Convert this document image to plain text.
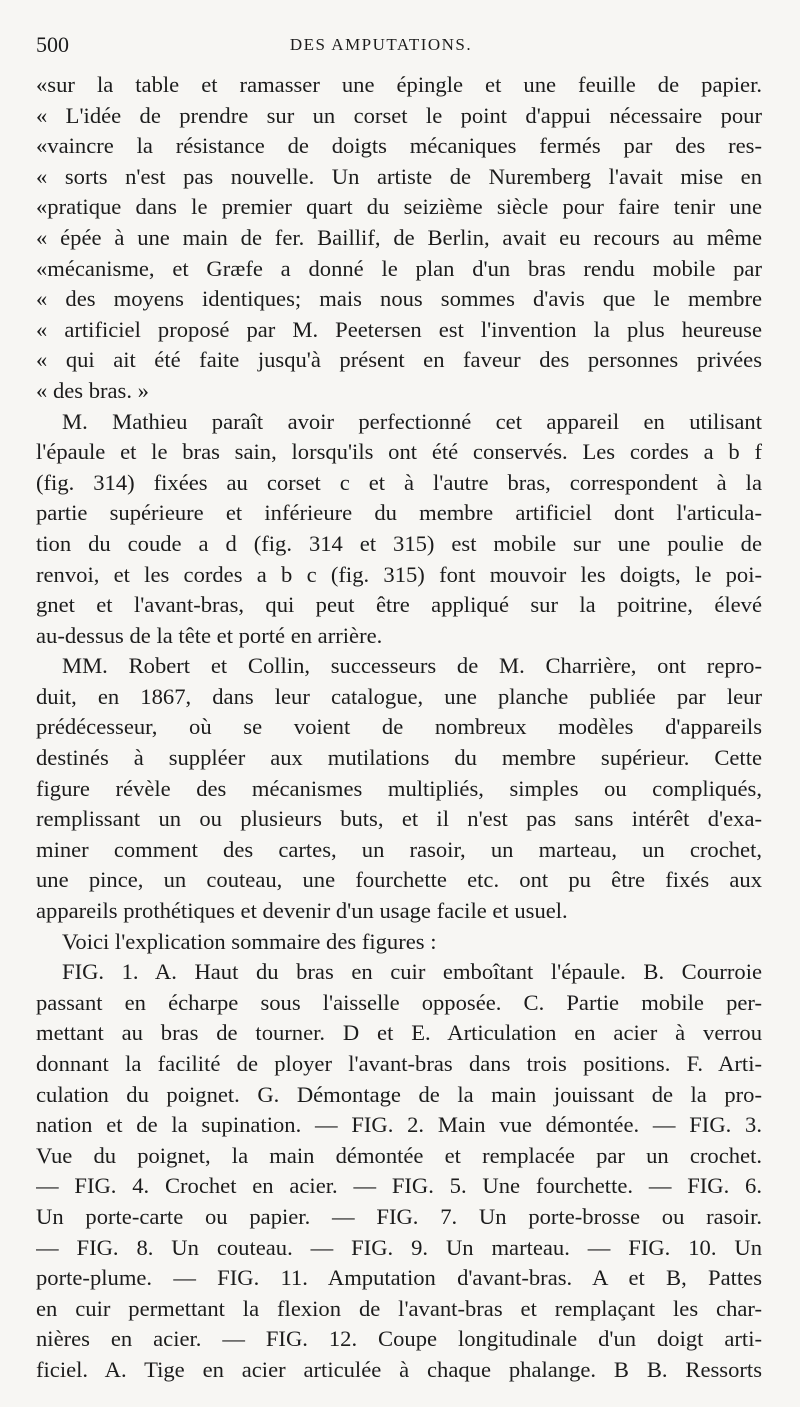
500	DES AMPUTATIONS.
«sur la table et ramasser une épingle et une feuille de papier.
« L'idée de prendre sur un corset le point d'appui nécessaire pour
«vaincre la résistance de doigts mécaniques fermés par des res-
« sorts n'est pas nouvelle. Un artiste de Nuremberg l'avait mise en
«pratique dans le premier quart du seizième siècle pour faire tenir une
« épée à une main de fer. Baillif, de Berlin, avait eu recours au même
«mécanisme, et Græfe a donné le plan d'un bras rendu mobile par
« des moyens identiques; mais nous sommes d'avis que le membre
« artificiel proposé par M. Peetersen est l'invention la plus heureuse
« qui ait été faite jusqu'à présent en faveur des personnes privées
« des bras. »
M. Mathieu paraît avoir perfectionné cet appareil en utilisant
l'épaule et le bras sain, lorsqu'ils ont été conservés. Les cordes a b f
(fig. 314) fixées au corset c et à l'autre bras, correspondent à la
partie supérieure et inférieure du membre artificiel dont l'articula-
tion du coude a d (fig. 314 et 315) est mobile sur une poulie de
renvoi, et les cordes a b c (fig. 315) font mouvoir les doigts, le poi-
gnet et l'avant-bras, qui peut être appliqué sur la poitrine, élevé
au-dessus de la tête et porté en arrière.
MM. Robert et Collin, successeurs de M. Charrière, ont repro-
duit, en 1867, dans leur catalogue, une planche publiée par leur
prédécesseur, où se voient de nombreux modèles d'appareils
destinés à suppléer aux mutilations du membre supérieur. Cette
figure révèle des mécanismes multipliés, simples ou compliqués,
remplissant un ou plusieurs buts, et il n'est pas sans intérêt d'exa-
miner comment des cartes, un rasoir, un marteau, un crochet,
une pince, un couteau, une fourchette etc. ont pu être fixés aux
appareils prothétiques et devenir d'un usage facile et usuel.
Voici l'explication sommaire des figures :
FIG. 1. A. Haut du bras en cuir emboîtant l'épaule. B. Courroie
passant en écharpe sous l'aisselle opposée. C. Partie mobile per-
mettant au bras de tourner. D et E. Articulation en acier à verrou
donnant la facilité de ployer l'avant-bras dans trois positions. F. Arti-
culation du poignet. G. Démontage de la main jouissant de la pro-
nation et de la supination. — FIG. 2. Main vue démontée. — FIG. 3.
Vue du poignet, la main démontée et remplacée par un crochet.
— FIG. 4. Crochet en acier. — FIG. 5. Une fourchette. — FIG. 6.
Un porte-carte ou papier. — FIG. 7. Un porte-brosse ou rasoir.
— FIG. 8. Un couteau. — FIG. 9. Un marteau. — FIG. 10. Un
porte-plume. — FIG. 11. Amputation d'avant-bras. A et B, Pattes
en cuir permettant la flexion de l'avant-bras et remplaçant les char-
nières en acier. — FIG. 12. Coupe longitudinale d'un doigt arti-
ficiel. A. Tige en acier articulée à chaque phalange. B B. Ressorts
